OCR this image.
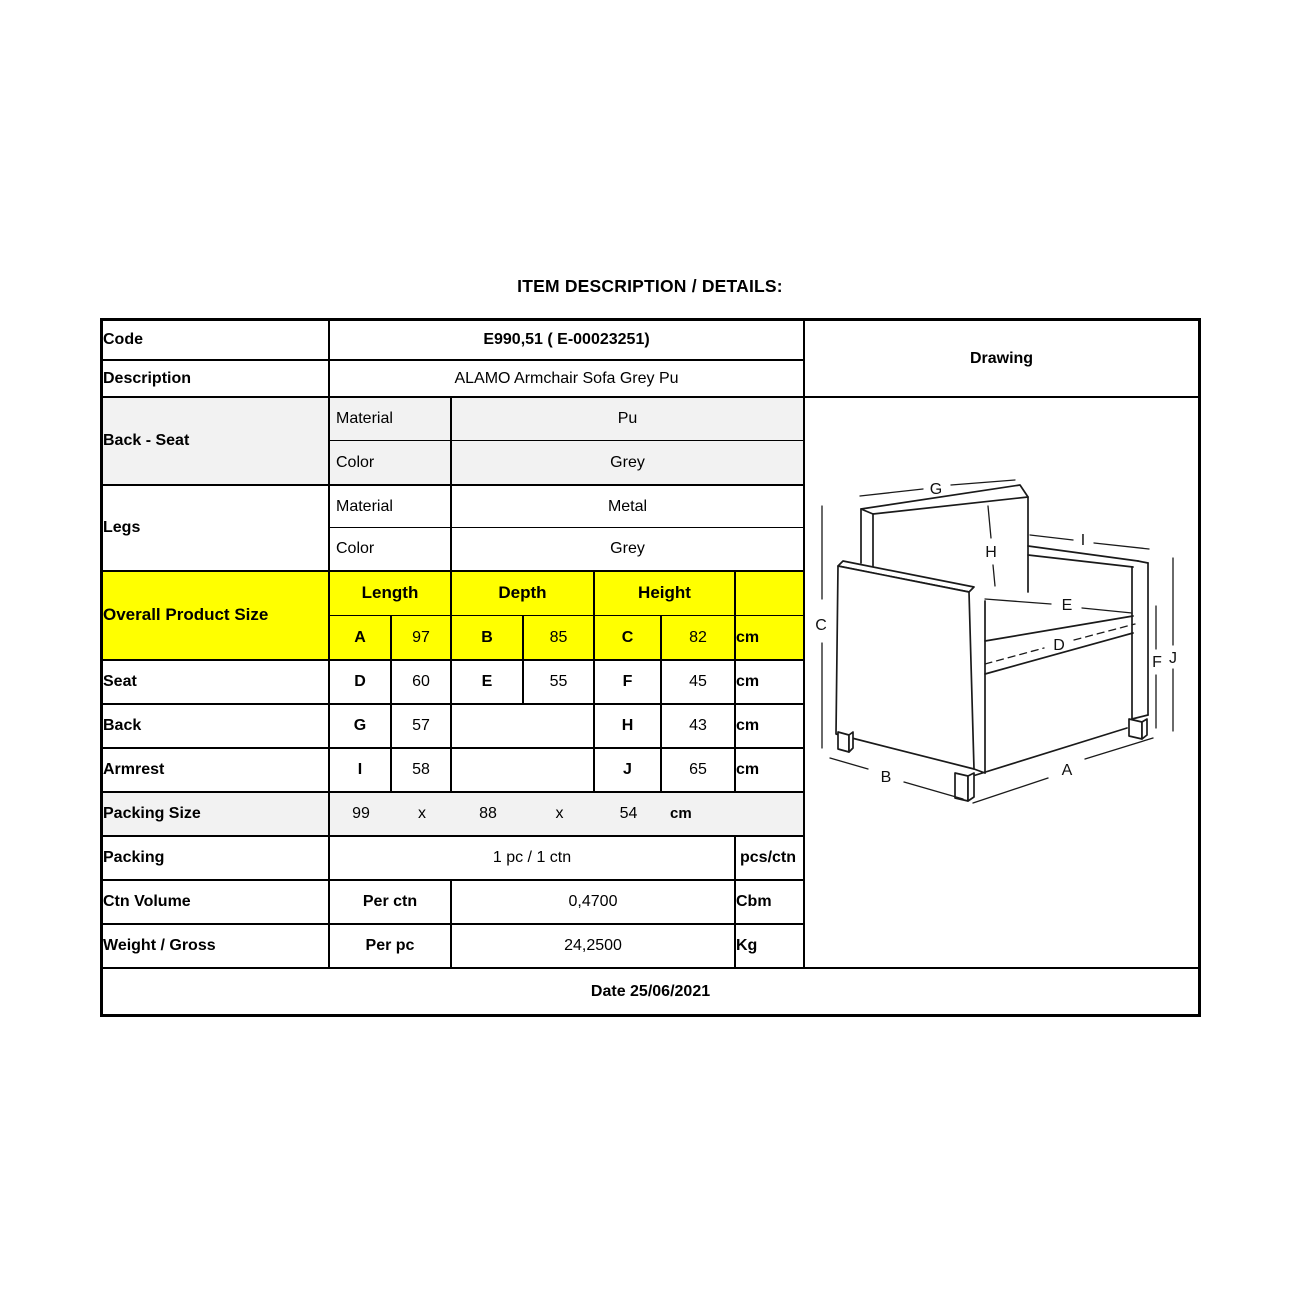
ITEM DESCRIPTION / DETAILS:
Code	E990,51 ( E-00023251)							Drawing
Description	ALAMO Armchair Sofa Grey Pu							
Back - Seat	Material	Pu	
C
G
H
I
E
D
F J
B	A

	Color		Grey					
Legs	Material		Metal					
	Color		Grey					
Overall Product Size	Length		Depth		Height			
	A	97	B	85	C	82	cm	
Seat	D	60	E	55	F	45	cm	
Back	G	57			H	43	cm	
Armrest	I	58			J	65	cm	
Packing Size	99	x	88	x	54	cm

Packing	1 pc / 1 ctn						pcs/ctn	
Ctn Volume	Per ctn		0,4700				Cbm	
Weight / Gross	Per pc		24,2500				Kg	
Date 25/06/2021								
